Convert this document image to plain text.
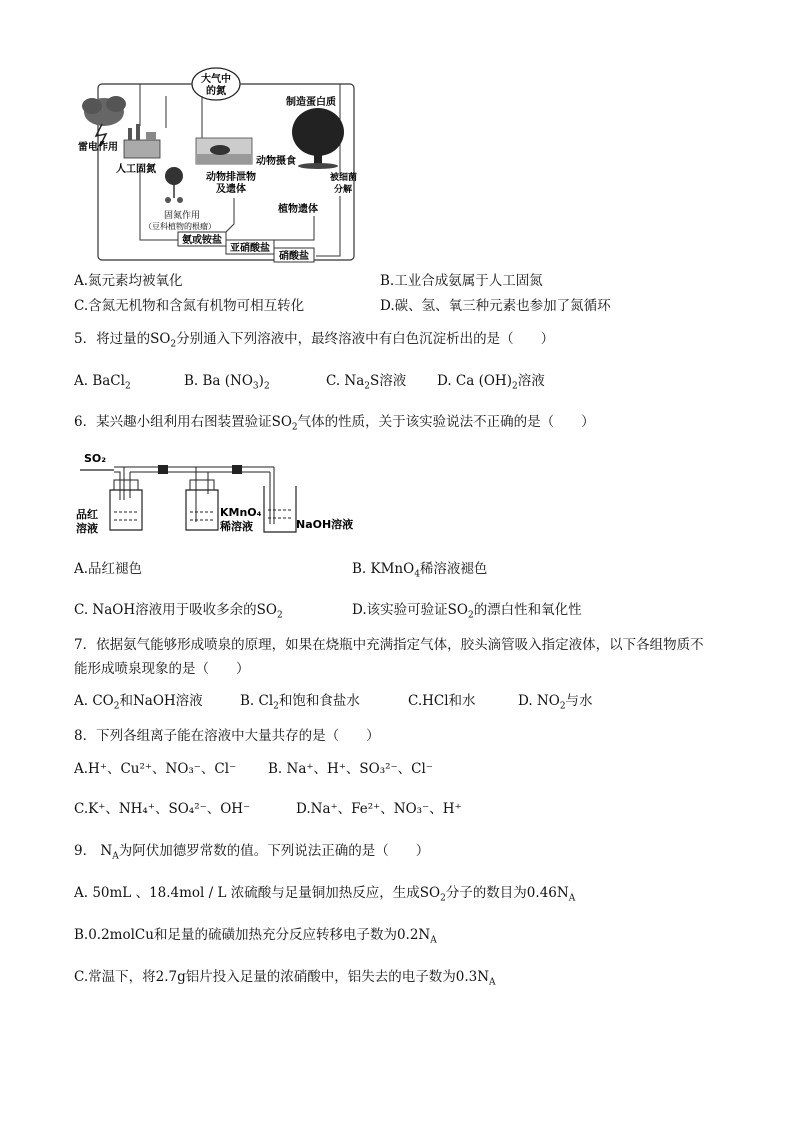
大气中
的氮
雷电作用
人工固氮
动物摄食
动物排泄物
及遗体
制造蛋白质
被细菌
分解
植物遗体
固氮作用
（豆科植物的根瘤）
氨或铵盐
亚硝酸盐
硝酸盐
A.氮元素均被氧化	B.工业合成氨属于人工固氮
C.含氮无机物和含氮有机物可相互转化	D.碳、氢、氧三种元素也参加了氮循环
5．将过量的$SO_2$分别通入下列溶液中，最终溶液中有白色沉淀析出的是（　　）
A. BaCl$_2$	B. Ba $(NO_3)_2$	C. $Na_2S$溶液 D. Ca $(OH)_2$溶液
6．某兴趣小组利用右图装置验证$SO_2$气体的性质，关于该实验说法不正确的是（　　）
SO₂
品红
溶液
KMnO₄
稀溶液	NaOH溶液
A.品红褪色	B. KMnO$_4$稀溶液褪色
C. NaOH溶液用于吸收多余的$SO_2$	D.该实验可验证$SO_2$的漂白性和氧化性
7．依据氨气能够形成喷泉的原理，如果在烧瓶中充满指定气体，胶头滴管吸入指定液体，以下各组物质不
能形成喷泉现象的是（　　）
A. $CO_2$和NaOH溶液	B. $Cl_2$和饱和食盐水	C.HCl和水	D. $NO_2$与水
8．下列各组离子能在溶液中大量共存的是（　　）
A.H⁺、Cu²⁺、NO₃⁻、Cl⁻ B. Na⁺、H⁺、SO₃²⁻、Cl⁻
C.K⁺、NH₄⁺、SO₄²⁻、OH⁻	D.Na⁺、Fe²⁺、NO₃⁻、H⁺
9． $N_A$为阿伏加德罗常数的值。下列说法正确的是（　　）
A. 50mL 、18.4mol / L 浓硫酸与足量铜加热反应，生成$SO_2$分子的数目为$0.46N_A$
B.0.2molCu和足量的硫磺加热充分反应转移电子数为$0.2N_A$
C.常温下，将2.7g铝片投入足量的浓硝酸中，铝失去的电子数为$0.3N_A$
